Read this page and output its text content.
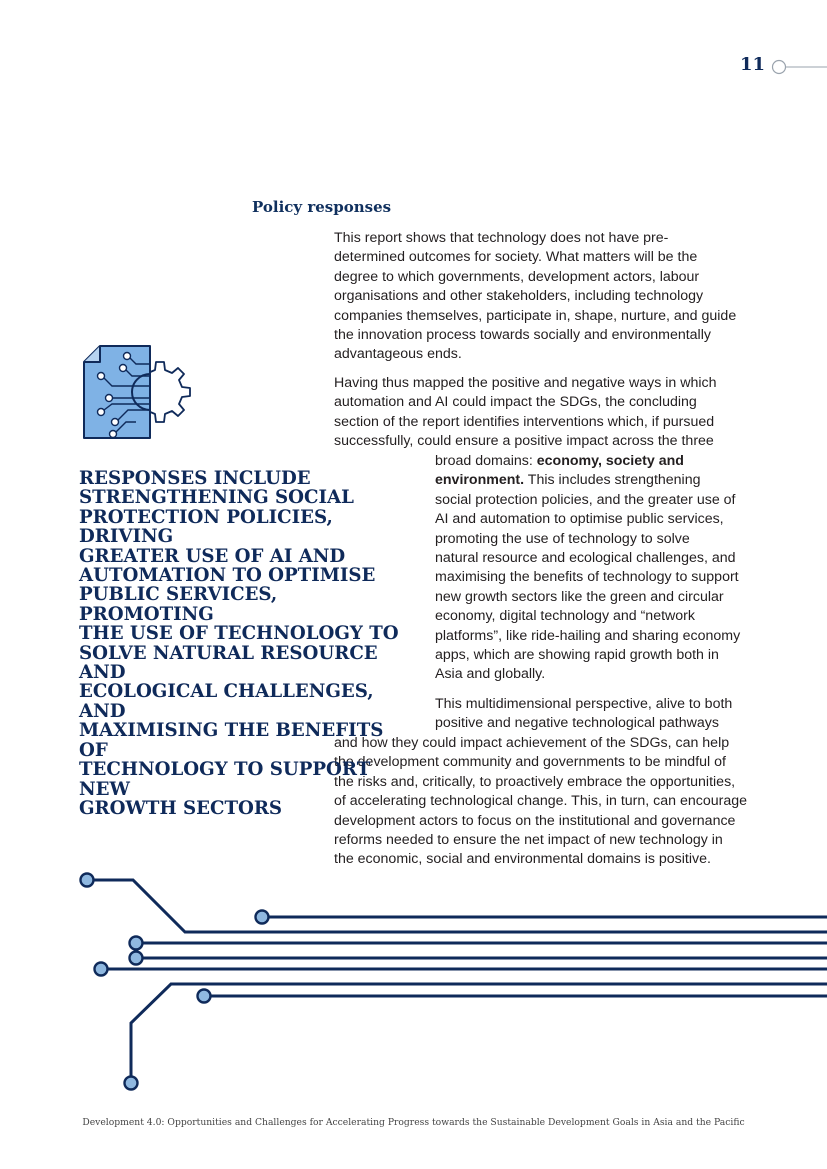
11
Policy responses
This report shows that technology does not have pre-
determined outcomes for society. What matters will be the
degree to which governments, development actors, labour
organisations and other stakeholders, including technology
companies themselves, participate in, shape, nurture, and guide
the innovation process towards socially and environmentally
advantageous ends.
Having thus mapped the positive and negative ways in which
automation and AI could impact the SDGs, the concluding
section of the report identifies interventions which, if pursued
successfully, could ensure a positive impact across the three
broad domains: economy, society and
environment. This includes strengthening
social protection policies, and the greater use of
AI and automation to optimise public services,
promoting the use of technology to solve
natural resource and ecological challenges, and
maximising the benefits of technology to support
new growth sectors like the green and circular
economy, digital technology and “network
platforms”, like ride-hailing and sharing economy
apps, which are showing rapid growth both in
Asia and globally.
This multidimensional perspective, alive to both
positive and negative technological pathways
and how they could impact achievement of the SDGs, can help
the development community and governments to be mindful of
the risks and, critically, to proactively embrace the opportunities,
of accelerating technological change. This, in turn, can encourage
development actors to focus on the institutional and governance
reforms needed to ensure the net impact of new technology in
the economic, social and environmental domains is positive.
RESPONSES INCLUDE
STRENGTHENING SOCIAL
PROTECTION POLICIES, DRIVING
GREATER USE OF AI AND
AUTOMATION TO OPTIMISE
PUBLIC SERVICES, PROMOTING
THE USE OF TECHNOLOGY TO
SOLVE NATURAL RESOURCE AND
ECOLOGICAL CHALLENGES, AND
MAXIMISING THE BENEFITS OF
TECHNOLOGY TO SUPPORT NEW
GROWTH SECTORS
Development 4.0: Opportunities and Challenges for Accelerating Progress towards the Sustainable Development Goals in Asia and the Pacific
